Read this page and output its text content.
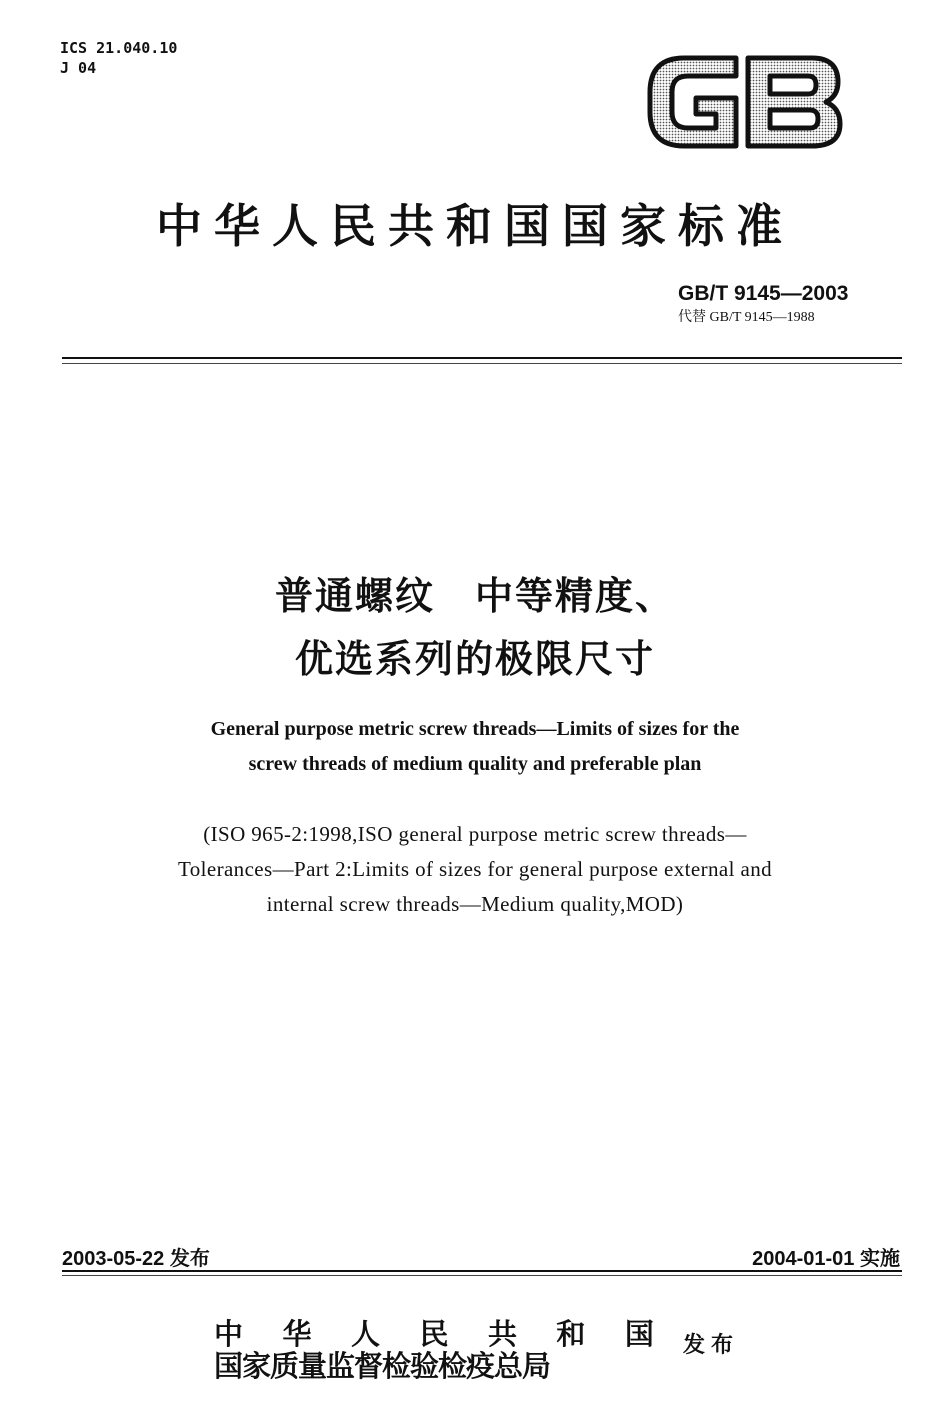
ICS 21.040.10
J 04
中华人民共和国国家标准
GB/T 9145—2003
代替 GB/T 9145—1988
普通螺纹　中等精度、
优选系列的极限尺寸
General purpose metric screw threads—Limits of sizes for the
screw threads of medium quality and preferable plan
(ISO 965-2:1998,ISO general purpose metric screw threads—
Tolerances—Part 2:Limits of sizes for general purpose external and
internal screw threads—Medium quality,MOD)
2003-05-22 发布	2004-01-01 实施
中 华 人 民 共 和 国
国家质量监督检验检疫总局
发布
